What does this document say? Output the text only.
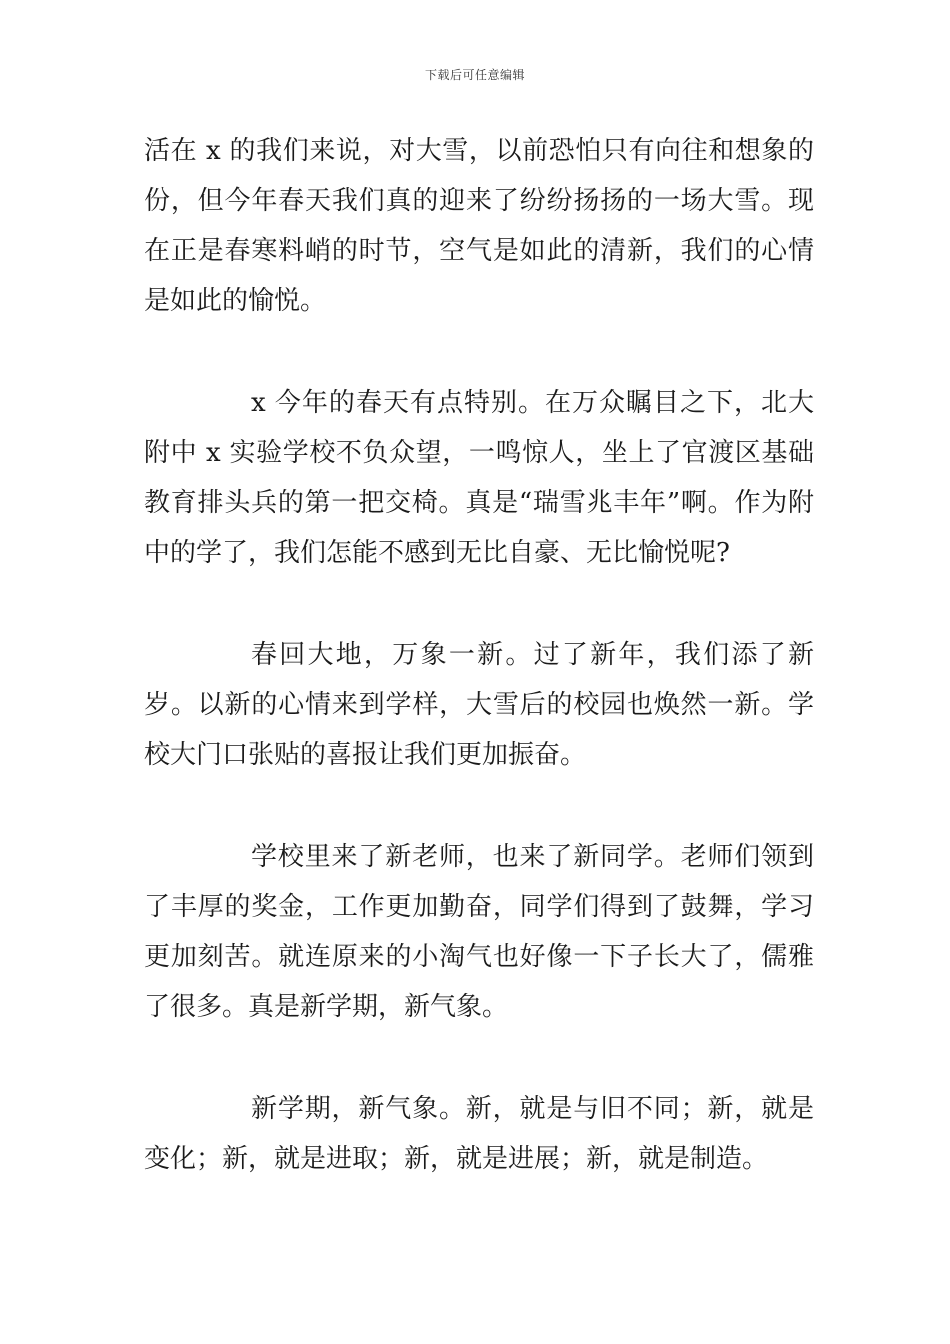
下载后可任意编辑

活在 x 的我们来说，对大雪，以前恐怕只有向往和想象的份，但今年春天我们真的迎来了纷纷扬扬的一场大雪。现在正是春寒料峭的时节，空气是如此的清新，我们的心情是如此的愉悦。

x 今年的春天有点特别。在万众瞩目之下，北大附中 x 实验学校不负众望，一鸣惊人，坐上了官渡区基础教育排头兵的第一把交椅。真是“瑞雪兆丰年”啊。作为附中的学了，我们怎能不感到无比自豪、无比愉悦呢?

春回大地，万象一新。过了新年，我们添了新岁。以新的心情来到学样，大雪后的校园也焕然一新。学校大门口张贴的喜报让我们更加振奋。

学校里来了新老师，也来了新同学。老师们领到了丰厚的奖金，工作更加勤奋，同学们得到了鼓舞，学习更加刻苦。就连原来的小淘气也好像一下子长大了，儒雅了很多。真是新学期，新气象。

新学期，新气象。新，就是与旧不同；新，就是变化；新，就是进取；新，就是进展；新，就是制造。
